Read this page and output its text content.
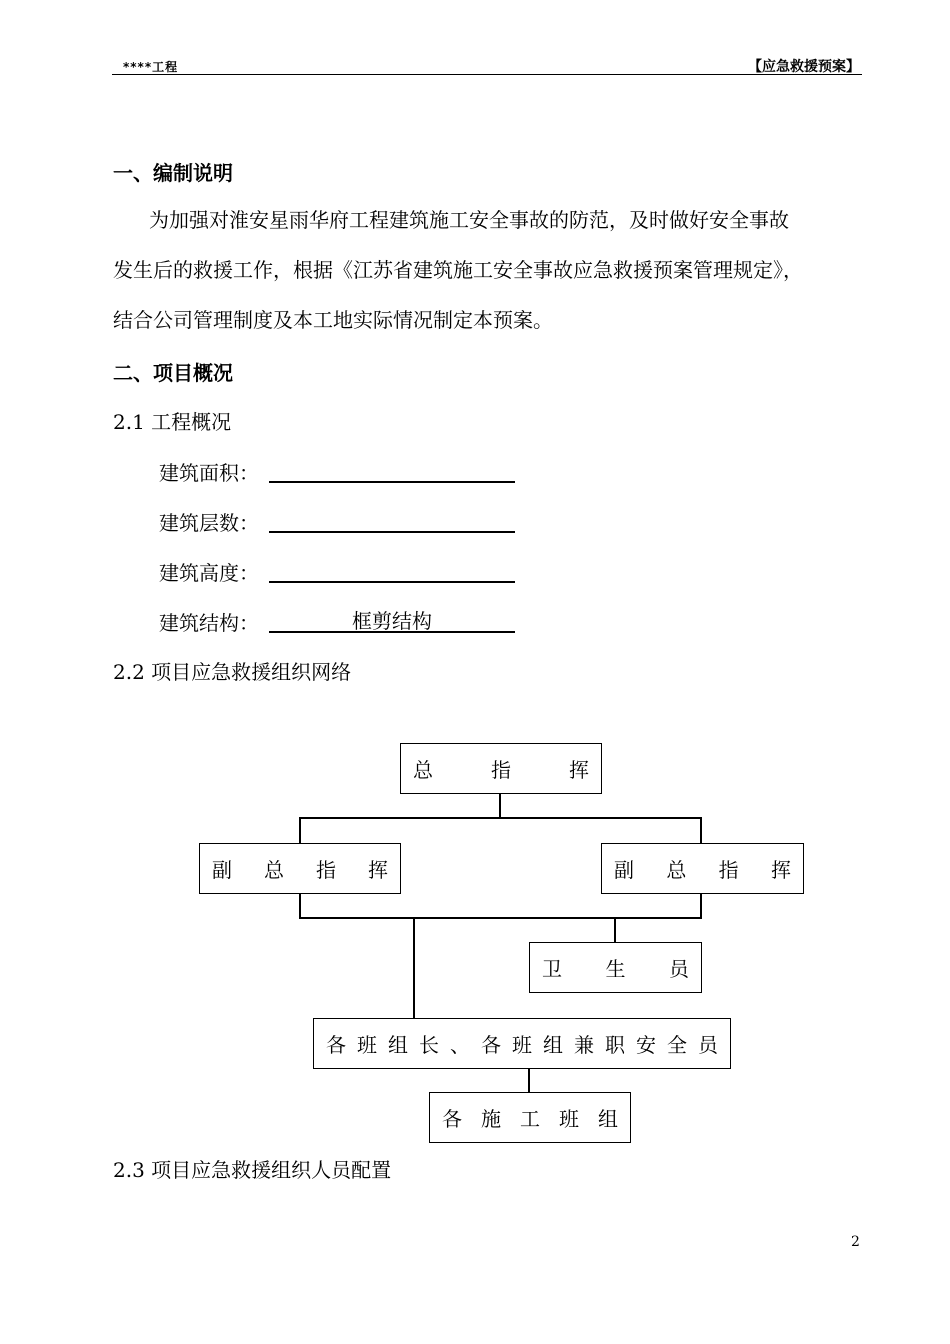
****工程	【应急救援预案】
一、编制说明
为加强对淮安星雨华府工程建筑施工安全事故的防范，及时做好安全事故
发生后的救援工作，根据《江苏省建筑施工安全事故应急救援预案管理规定》，
结合公司管理制度及本工地实际情况制定本预案。
二、项目概况
2.1 工程概况
建筑面积：
建筑层数：
建筑高度：
建筑结构：	框剪结构
2.2 项目应急救援组织网络
总	指	挥
副 总 指 挥	副 总 指 挥
卫 生 员
各 班 组 长 、 各 班 组 兼 职 安 全 员
各 施 工 班 组
2.3 项目应急救援组织人员配置
2
